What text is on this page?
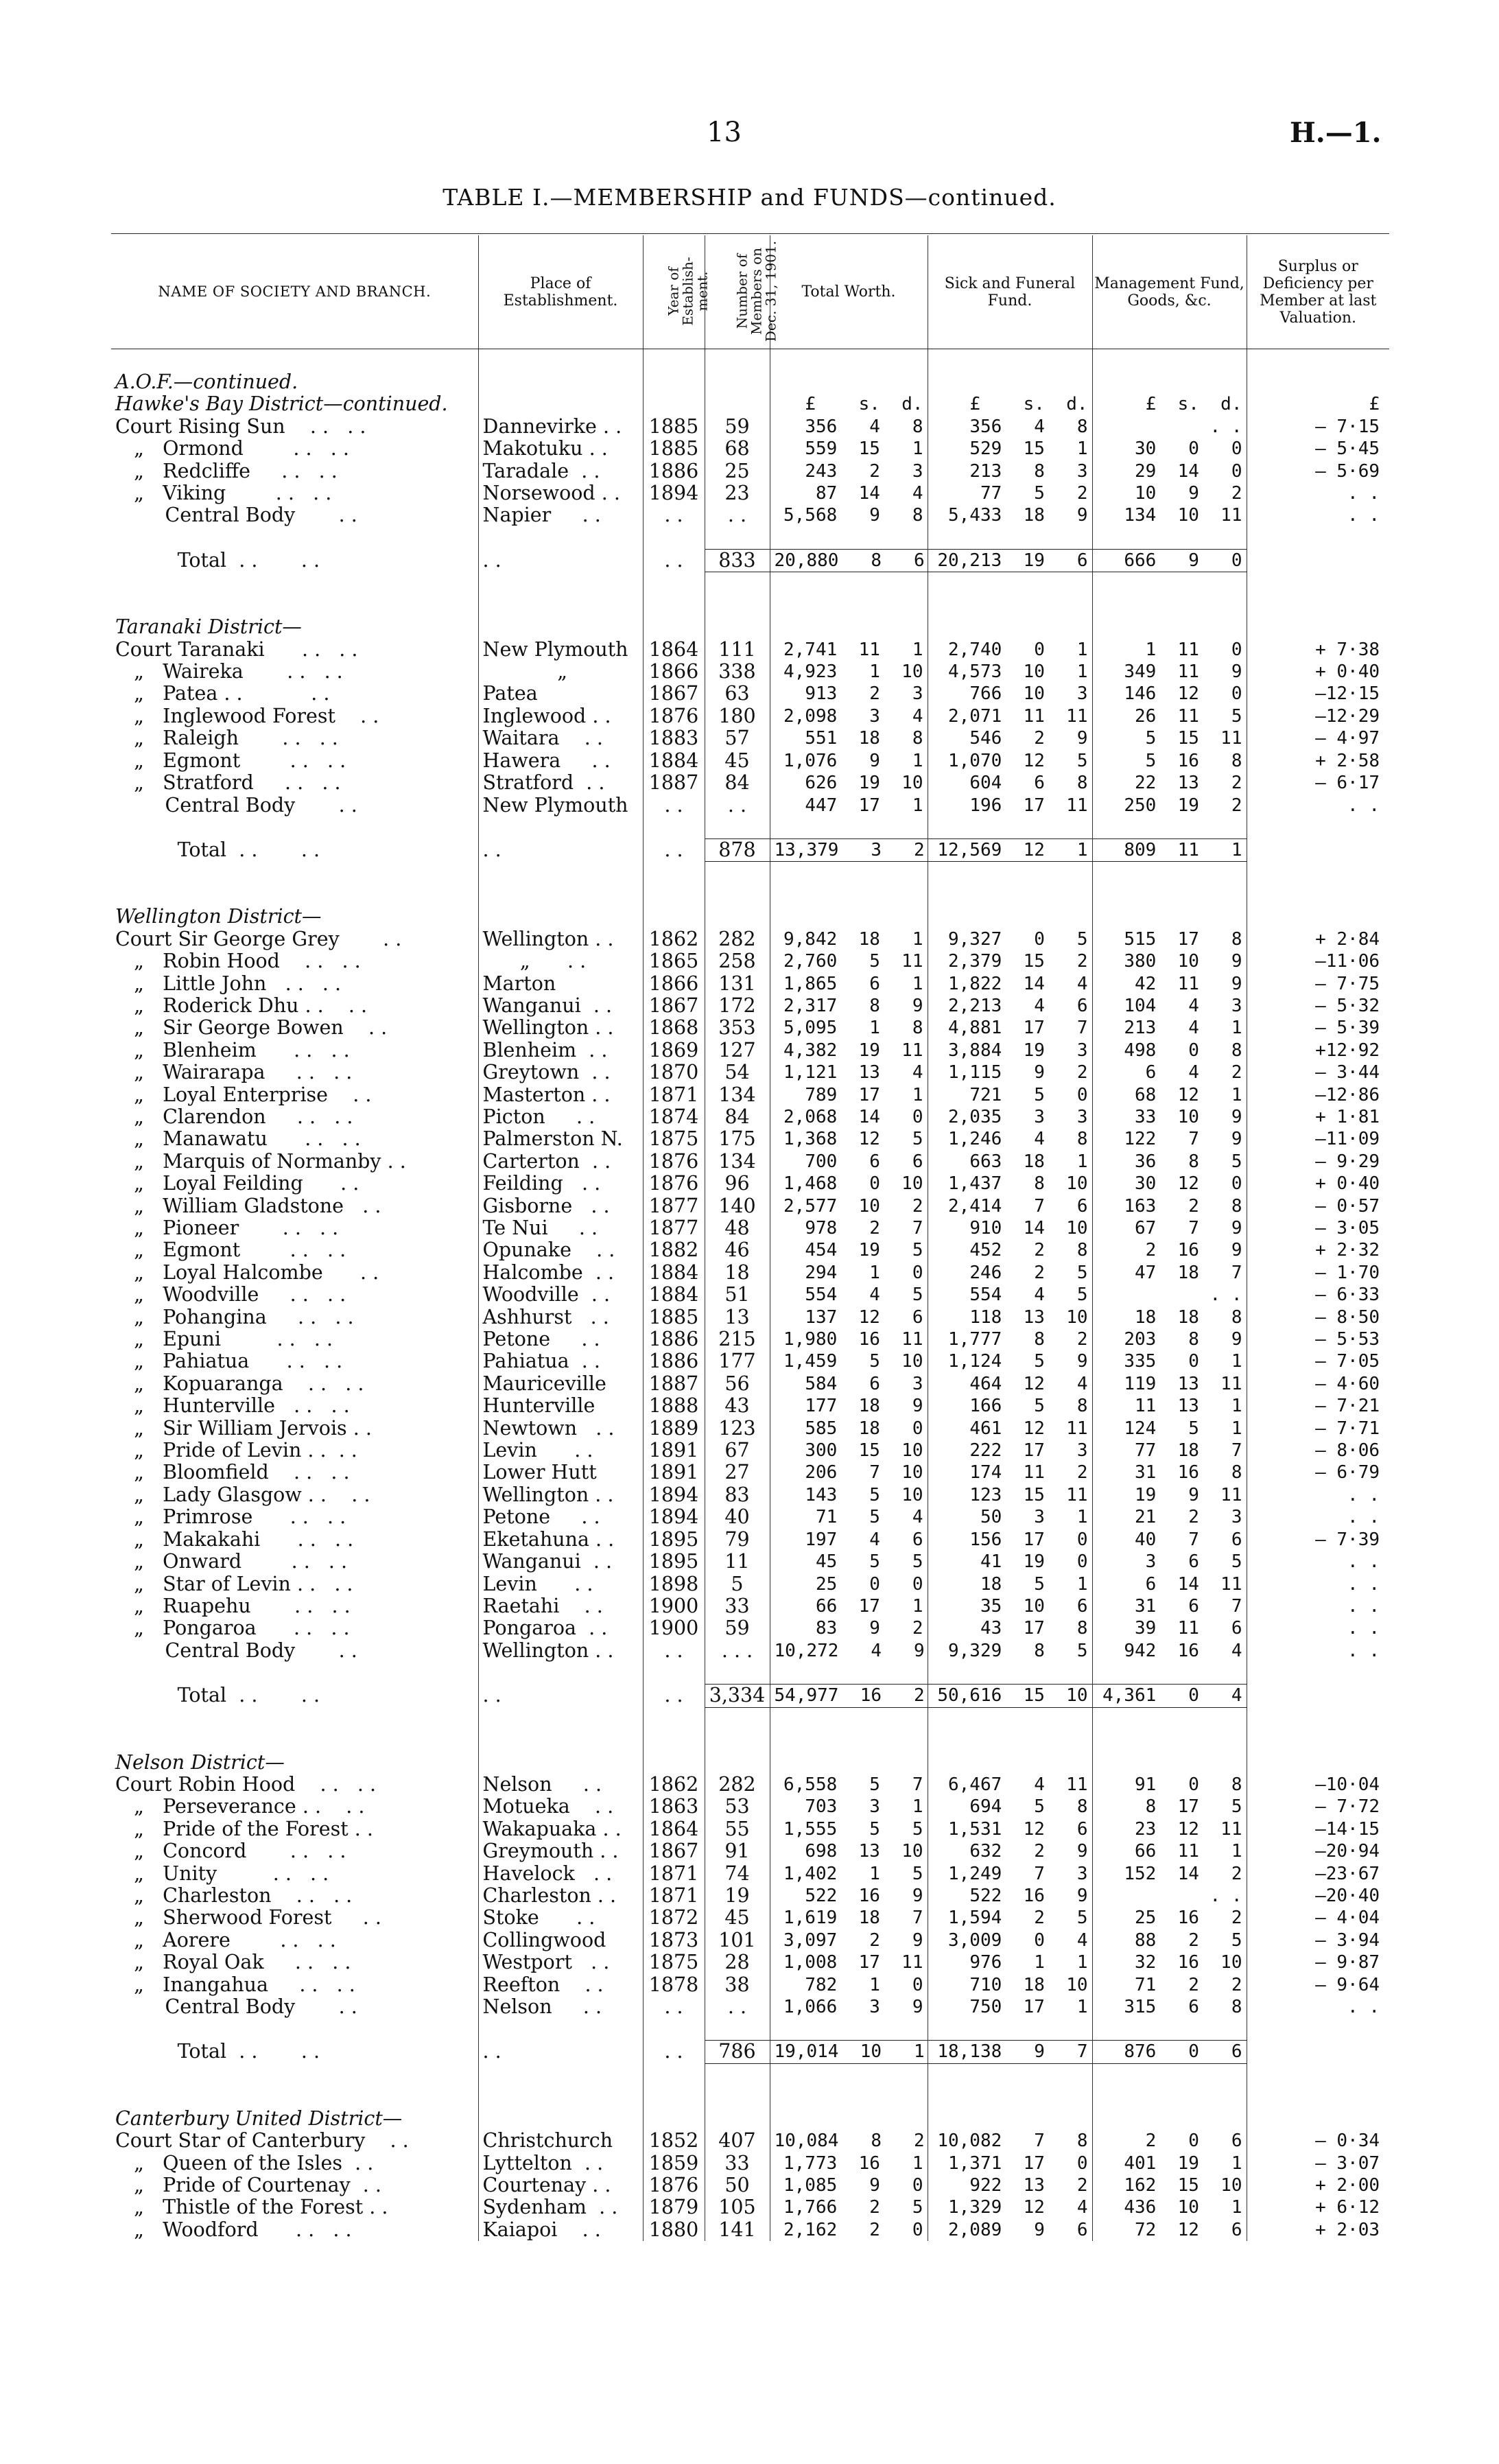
13	H.—1.
TABLE I.—MEMBERSHIP and FUNDS—continued.
NAME OF SOCIETY AND BRANCH.	Place of Establishment.	Year of Establish- ment.	Number of Members on Dec. 31, 1901.	Total Worth.	Sick and Funeral Fund.	Management Fund, Goods, &c.	Surplus or Deficiency per Member at last Valuation.

A.O.F.—continued.							
Hawke's Bay District—continued.				£    s.  d.	£    s.  d.	£  s.  d.	£
Court Rising Sun    . .   . .	Dannevirke . .	1885	59	356   4   8	356   4   8	. .	– 7·15
„   Ormond        . .   . .	Makotuku . .	1885	68	559  15   1	529  15   1	30   0   0	– 5·45
„   Redcliffe     . .   . .	Taradale  . .	1886	25	243   2   3	213   8   3	29  14   0	– 5·69
„   Viking        . .   . .	Norsewood . .	1894	23	87  14   4	77   5   2	10   9   2	. .
Central Body       . .	Napier     . .	. .	. .	5,568   9   8	5,433  18   9	134  10  11	. .

Total  . .       . .	. .	. .	833	20,880   8   6	20,213  19   6	666   9   0	

Taranaki District—							
Court Taranaki      . .   . .	New Plymouth	1864	111	2,741  11   1	2,740   0   1	1  11   0	+ 7·38
„   Waireka       . .   . .	„	1866	338	4,923   1  10	4,573  10   1	349  11   9	+ 0·40
„   Patea . .           . .	Patea	1867	63	913   2   3	766  10   3	146  12   0	–12·15
„   Inglewood Forest    . .	Inglewood . .	1876	180	2,098   3   4	2,071  11  11	26  11   5	–12·29
„   Raleigh       . .   . .	Waitara    . .	1883	57	551  18   8	546   2   9	5  15  11	– 4·97
„   Egmont        . .   . .	Hawera     . .	1884	45	1,076   9   1	1,070  12   5	5  16   8	+ 2·58
„   Stratford     . .   . .	Stratford  . .	1887	84	626  19  10	604   6   8	22  13   2	– 6·17
Central Body       . .	New Plymouth	. .	. .	447  17   1	196  17  11	250  19   2	. .

Total  . .       . .	. .	. .	878	13,379   3   2	12,569  12   1	809  11   1	

Wellington District—							
Court Sir George Grey       . .	Wellington . .	1862	282	9,842  18   1	9,327   0   5	515  17   8	+ 2·84
„   Robin Hood    . .   . .	„      . .	1865	258	2,760   5  11	2,379  15   2	380  10   9	–11·06
„   Little John   . .   . .	Marton	1866	131	1,865   6   1	1,822  14   4	42  11   9	– 7·75
„   Roderick Dhu . .    . .	Wanganui  . .	1867	172	2,317   8   9	2,213   4   6	104   4   3	– 5·32
„   Sir George Bowen    . .	Wellington . .	1868	353	5,095   1   8	4,881  17   7	213   4   1	– 5·39
„   Blenheim      . .   . .	Blenheim  . .	1869	127	4,382  19  11	3,884  19   3	498   0   8	+12·92
„   Wairarapa     . .   . .	Greytown  . .	1870	54	1,121  13   4	1,115   9   2	6   4   2	– 3·44
„   Loyal Enterprise    . .	Masterton . .	1871	134	789  17   1	721   5   0	68  12   1	–12·86
„   Clarendon     . .   . .	Picton     . .	1874	84	2,068  14   0	2,035   3   3	33  10   9	+ 1·81
„   Manawatu      . .   . .	Palmerston N.	1875	175	1,368  12   5	1,246   4   8	122   7   9	–11·09
„   Marquis of Normanby . .	Carterton  . .	1876	134	700   6   6	663  18   1	36   8   5	– 9·29
„   Loyal Feilding      . .	Feilding   . .	1876	96	1,468   0  10	1,437   8  10	30  12   0	+ 0·40
„   William Gladstone   . .	Gisborne   . .	1877	140	2,577  10   2	2,414   7   6	163   2   8	– 0·57
„   Pioneer       . .   . .	Te Nui     . .	1877	48	978   2   7	910  14  10	67   7   9	– 3·05
„   Egmont        . .   . .	Opunake    . .	1882	46	454  19   5	452   2   8	2  16   9	+ 2·32
„   Loyal Halcombe      . .	Halcombe  . .	1884	18	294   1   0	246   2   5	47  18   7	– 1·70
„   Woodville     . .   . .	Woodville  . .	1884	51	554   4   5	554   4   5	. .	– 6·33
„   Pohangina     . .   . .	Ashhurst   . .	1885	13	137  12   6	118  13  10	18  18   8	– 8·50
„   Epuni         . .   . .	Petone     . .	1886	215	1,980  16  11	1,777   8   2	203   8   9	– 5·53
„   Pahiatua      . .   . .	Pahiatua  . .	1886	177	1,459   5  10	1,124   5   9	335   0   1	– 7·05
„   Kopuaranga    . .   . .	Mauriceville	1887	56	584   6   3	464  12   4	119  13  11	– 4·60
„   Hunterville   . .   . .	Hunterville	1888	43	177  18   9	166   5   8	11  13   1	– 7·21
„   Sir William Jervois . .	Newtown   . .	1889	123	585  18   0	461  12  11	124   5   1	– 7·71
„   Pride of Levin . .  . .	Levin      . .	1891	67	300  15  10	222  17   3	77  18   7	– 8·06
„   Bloomfield    . .   . .	Lower Hutt	1891	27	206   7  10	174  11   2	31  16   8	– 6·79
„   Lady Glasgow . .    . .	Wellington . .	1894	83	143   5  10	123  15  11	19   9  11	. .
„   Primrose      . .   . .	Petone     . .	1894	40	71   5   4	50   3   1	21   2   3	. .
„   Makakahi      . .   . .	Eketahuna . .	1895	79	197   4   6	156  17   0	40   7   6	– 7·39
„   Onward        . .   . .	Wanganui  . .	1895	11	45   5   5	41  19   0	3   6   5	. .
„   Star of Levin . .   . .	Levin      . .	1898	5	25   0   0	18   5   1	6  14  11	. .
„   Ruapehu       . .   . .	Raetahi    . .	1900	33	66  17   1	35  10   6	31   6   7	. .
„   Pongaroa      . .   . .	Pongaroa  . .	1900	59	83   9   2	43  17   8	39  11   6	. .
Central Body       . .	Wellington . .	. .	. . .	10,272   4   9	9,329   8   5	942  16   4	. .

Total  . .       . .	. .	. .	3,334	54,977  16   2	50,616  15  10	4,361   0   4	

Nelson District—							
Court Robin Hood    . .   . .	Nelson     . .	1862	282	6,558   5   7	6,467   4  11	91   0   8	–10·04
„   Perseverance . .    . .	Motueka    . .	1863	53	703   3   1	694   5   8	8  17   5	– 7·72
„   Pride of the Forest . .	Wakapuaka . .	1864	55	1,555   5   5	1,531  12   6	23  12  11	–14·15
„   Concord       . .   . .	Greymouth . .	1867	91	698  13  10	632   2   9	66  11   1	–20·94
„   Unity         . .   . .	Havelock   . .	1871	74	1,402   1   5	1,249   7   3	152  14   2	–23·67
„   Charleston    . .   . .	Charleston . .	1871	19	522  16   9	522  16   9	. .	–20·40
„   Sherwood Forest     . .	Stoke      . .	1872	45	1,619  18   7	1,594   2   5	25  16   2	– 4·04
„   Aorere        . .   . .	Collingwood	1873	101	3,097   2   9	3,009   0   4	88   2   5	– 3·94
„   Royal Oak     . .   . .	Westport   . .	1875	28	1,008  17  11	976   1   1	32  16  10	– 9·87
„   Inangahua     . .   . .	Reefton    . .	1878	38	782   1   0	710  18  10	71   2   2	– 9·64
Central Body       . .	Nelson     . .	. .	. .	1,066   3   9	750  17   1	315   6   8	. .

Total  . .       . .	. .	. .	786	19,014  10   1	18,138   9   7	876   0   6	

Canterbury United District—							
Court Star of Canterbury    . .	Christchurch	1852	407	10,084   8   2	10,082   7   8	2   0   6	– 0·34
„   Queen of the Isles  . .	Lyttelton  . .	1859	33	1,773  16   1	1,371  17   0	401  19   1	– 3·07
„   Pride of Courtenay  . .	Courtenay . .	1876	50	1,085   9   0	922  13   2	162  15  10	+ 2·00
„   Thistle of the Forest . .	Sydenham  . .	1879	105	1,766   2   5	1,329  12   4	436  10   1	+ 6·12
„   Woodford      . .   . .	Kaiapoi    . .	1880	141	2,162   2   0	2,089   9   6	72  12   6	+ 2·03
